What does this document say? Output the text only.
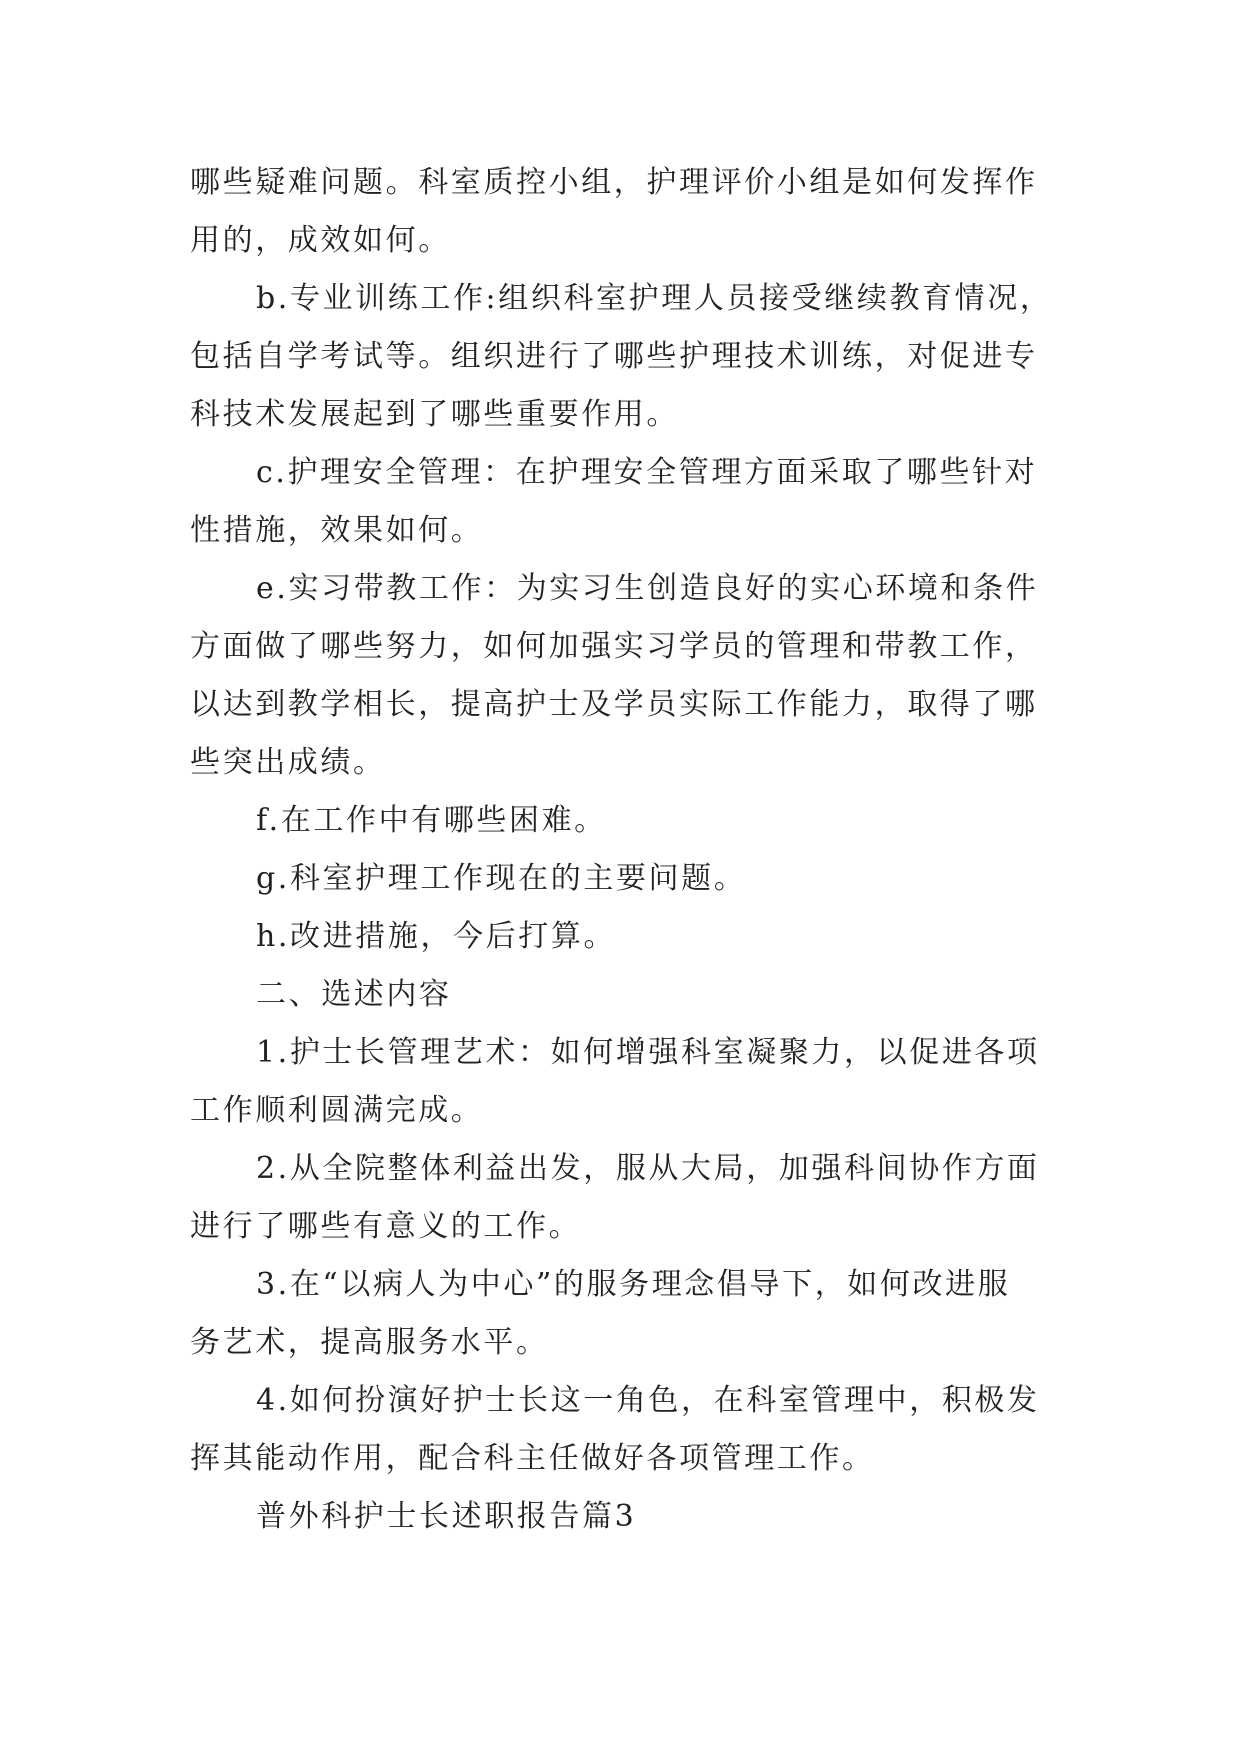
哪些疑难问题。科室质控小组，护理评价小组是如何发挥作
用的，成效如何。
b.专业训练工作:组织科室护理人员接受继续教育情况，
包括自学考试等。组织进行了哪些护理技术训练，对促进专
科技术发展起到了哪些重要作用。
c.护理安全管理：在护理安全管理方面采取了哪些针对
性措施，效果如何。
e.实习带教工作：为实习生创造良好的实心环境和条件
方面做了哪些努力，如何加强实习学员的管理和带教工作，
以达到教学相长，提高护士及学员实际工作能力，取得了哪
些突出成绩。
f.在工作中有哪些困难。
g.科室护理工作现在的主要问题。
h.改进措施，今后打算。
二、选述内容
1.护士长管理艺术：如何增强科室凝聚力，以促进各项
工作顺利圆满完成。
2.从全院整体利益出发，服从大局，加强科间协作方面
进行了哪些有意义的工作。
3.在“以病人为中心”的服务理念倡导下，如何改进服
务艺术，提高服务水平。
4.如何扮演好护士长这一角色，在科室管理中，积极发
挥其能动作用，配合科主任做好各项管理工作。
普外科护士长述职报告篇3
